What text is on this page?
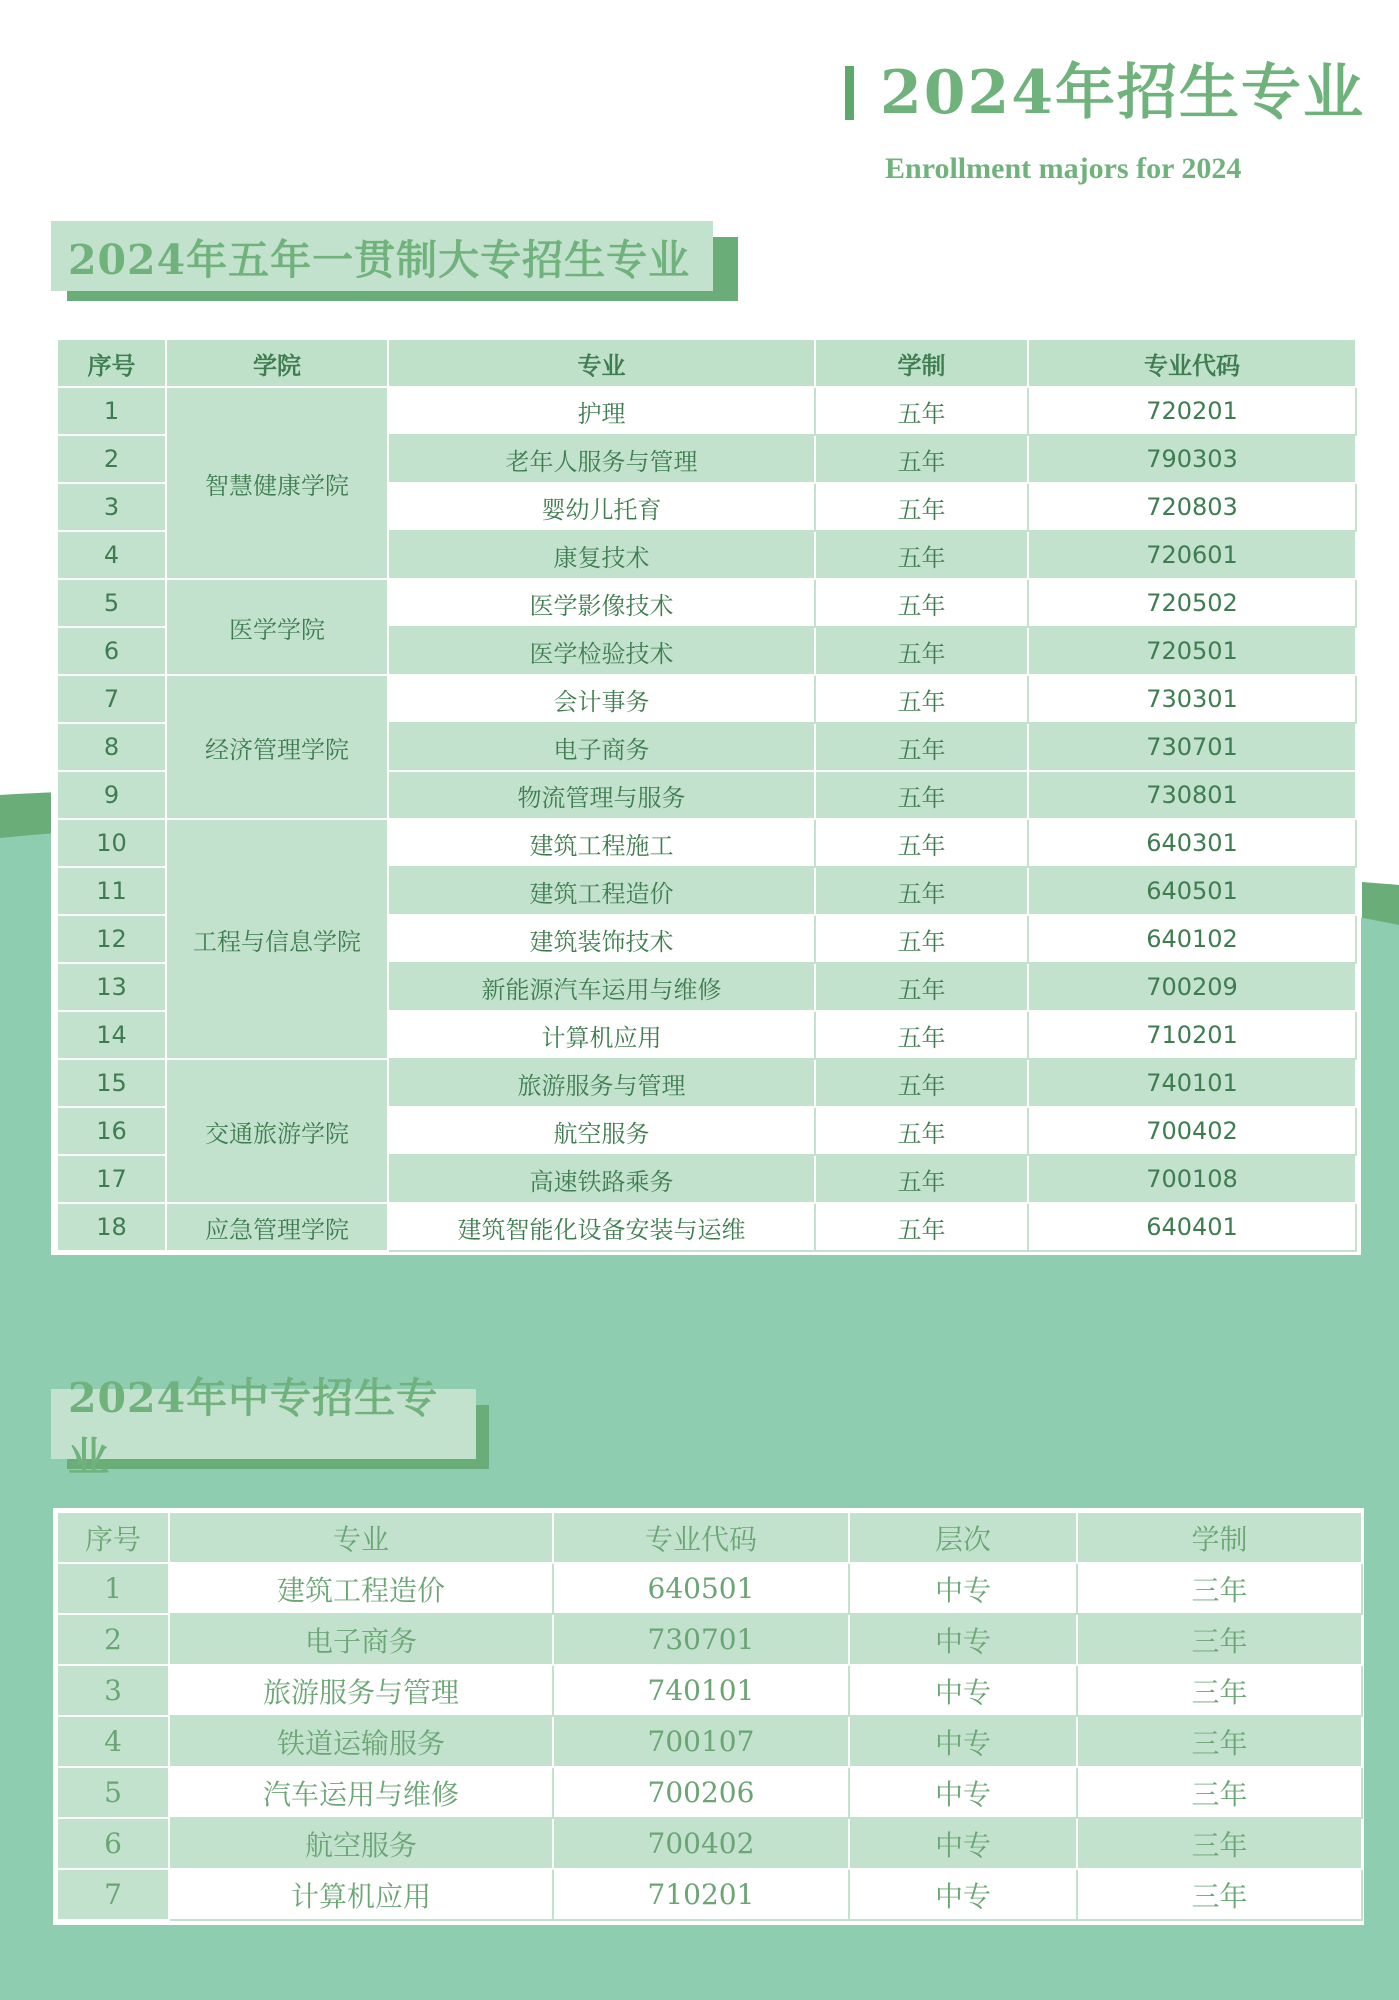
2024年招生专业
Enrollment majors for 2024
2024年五年一贯制大专招生专业
序号	学院	专业	学制	专业代码
1	智慧健康学院	护理	五年	720201
2		老年人服务与管理	五年	790303
3		婴幼儿托育	五年	720803
4		康复技术	五年	720601
5	医学学院	医学影像技术	五年	720502
6		医学检验技术	五年	720501
7	经济管理学院	会计事务	五年	730301
8		电子商务	五年	730701
9		物流管理与服务	五年	730801
10	工程与信息学院	建筑工程施工	五年	640301
11		建筑工程造价	五年	640501
12		建筑装饰技术	五年	640102
13		新能源汽车运用与维修	五年	700209
14		计算机应用	五年	710201
15	交通旅游学院	旅游服务与管理	五年	740101
16		航空服务	五年	700402
17		高速铁路乘务	五年	700108
18	应急管理学院	建筑智能化设备安装与运维	五年	640401
2024年中专招生专业
序号	专业	专业代码	层次	学制
1	建筑工程造价	640501	中专	三年
2	电子商务	730701	中专	三年
3	旅游服务与管理	740101	中专	三年
4	铁道运输服务	700107	中专	三年
5	汽车运用与维修	700206	中专	三年
6	航空服务	700402	中专	三年
7	计算机应用	710201	中专	三年
